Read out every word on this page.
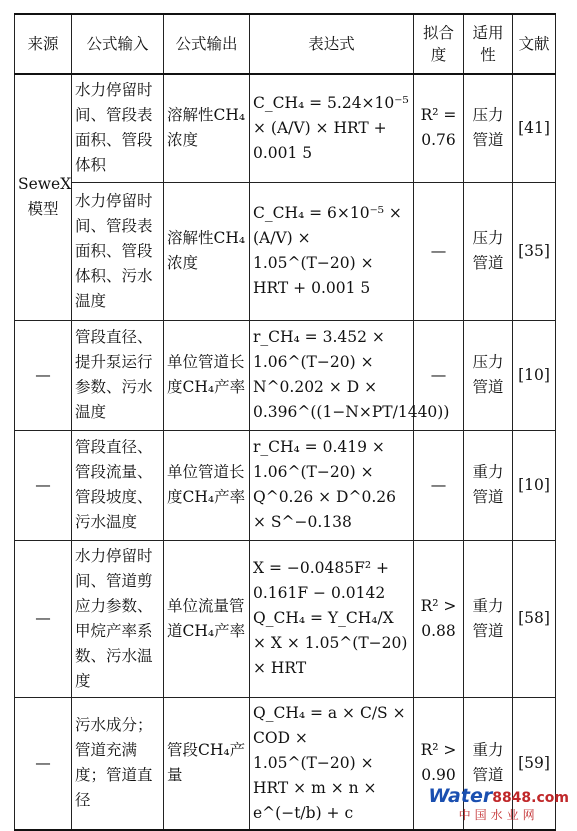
来源	公式输入	公式输出	表达式	拟合度	适用性	文献
SeweX模型	水力停留时间、管段表面积、管段体积	溶解性CH₄浓度	C_CH₄ = 5.24×10⁻⁵ × (A/V) × HRT + 0.001 5	R² = 0.76	压力管道	[41]
	水力停留时间、管段表面积、管段体积、污水温度	溶解性CH₄浓度	C_CH₄ = 6×10⁻⁵ × (A/V) × 1.05^(T−20) × HRT + 0.001 5	—	压力管道	[35]
—	管段直径、提升泵运行参数、污水温度	单位管道长度CH₄产率	r_CH₄ = 3.452 × 1.06^(T−20) × N^0.202 × D × 0.396^((1−N×PT/1440))	—	压力管道	[10]
—	管段直径、管段流量、管段坡度、污水温度	单位管道长度CH₄产率	r_CH₄ = 0.419 × 1.06^(T−20) × Q^0.26 × D^0.26 × S^−0.138	—	重力管道	[10]
—	水力停留时间、管道剪应力参数、甲烷产率系数、污水温度	单位流量管道CH₄产率	X = −0.0485F² + 0.161F − 0.0142 Q_CH₄ = Y_CH₄/X × X × 1.05^(T−20) × HRT	R² > 0.88	重力管道	[58]
—	污水成分；管道充满度；管道直径	管段CH₄产量	Q_CH₄ = a × C/S × COD × 1.05^(T−20) × HRT × m × n × e^(−t/b) + c	R² > 0.90	重力管道	[59]
Water8848.com
中国水业网
